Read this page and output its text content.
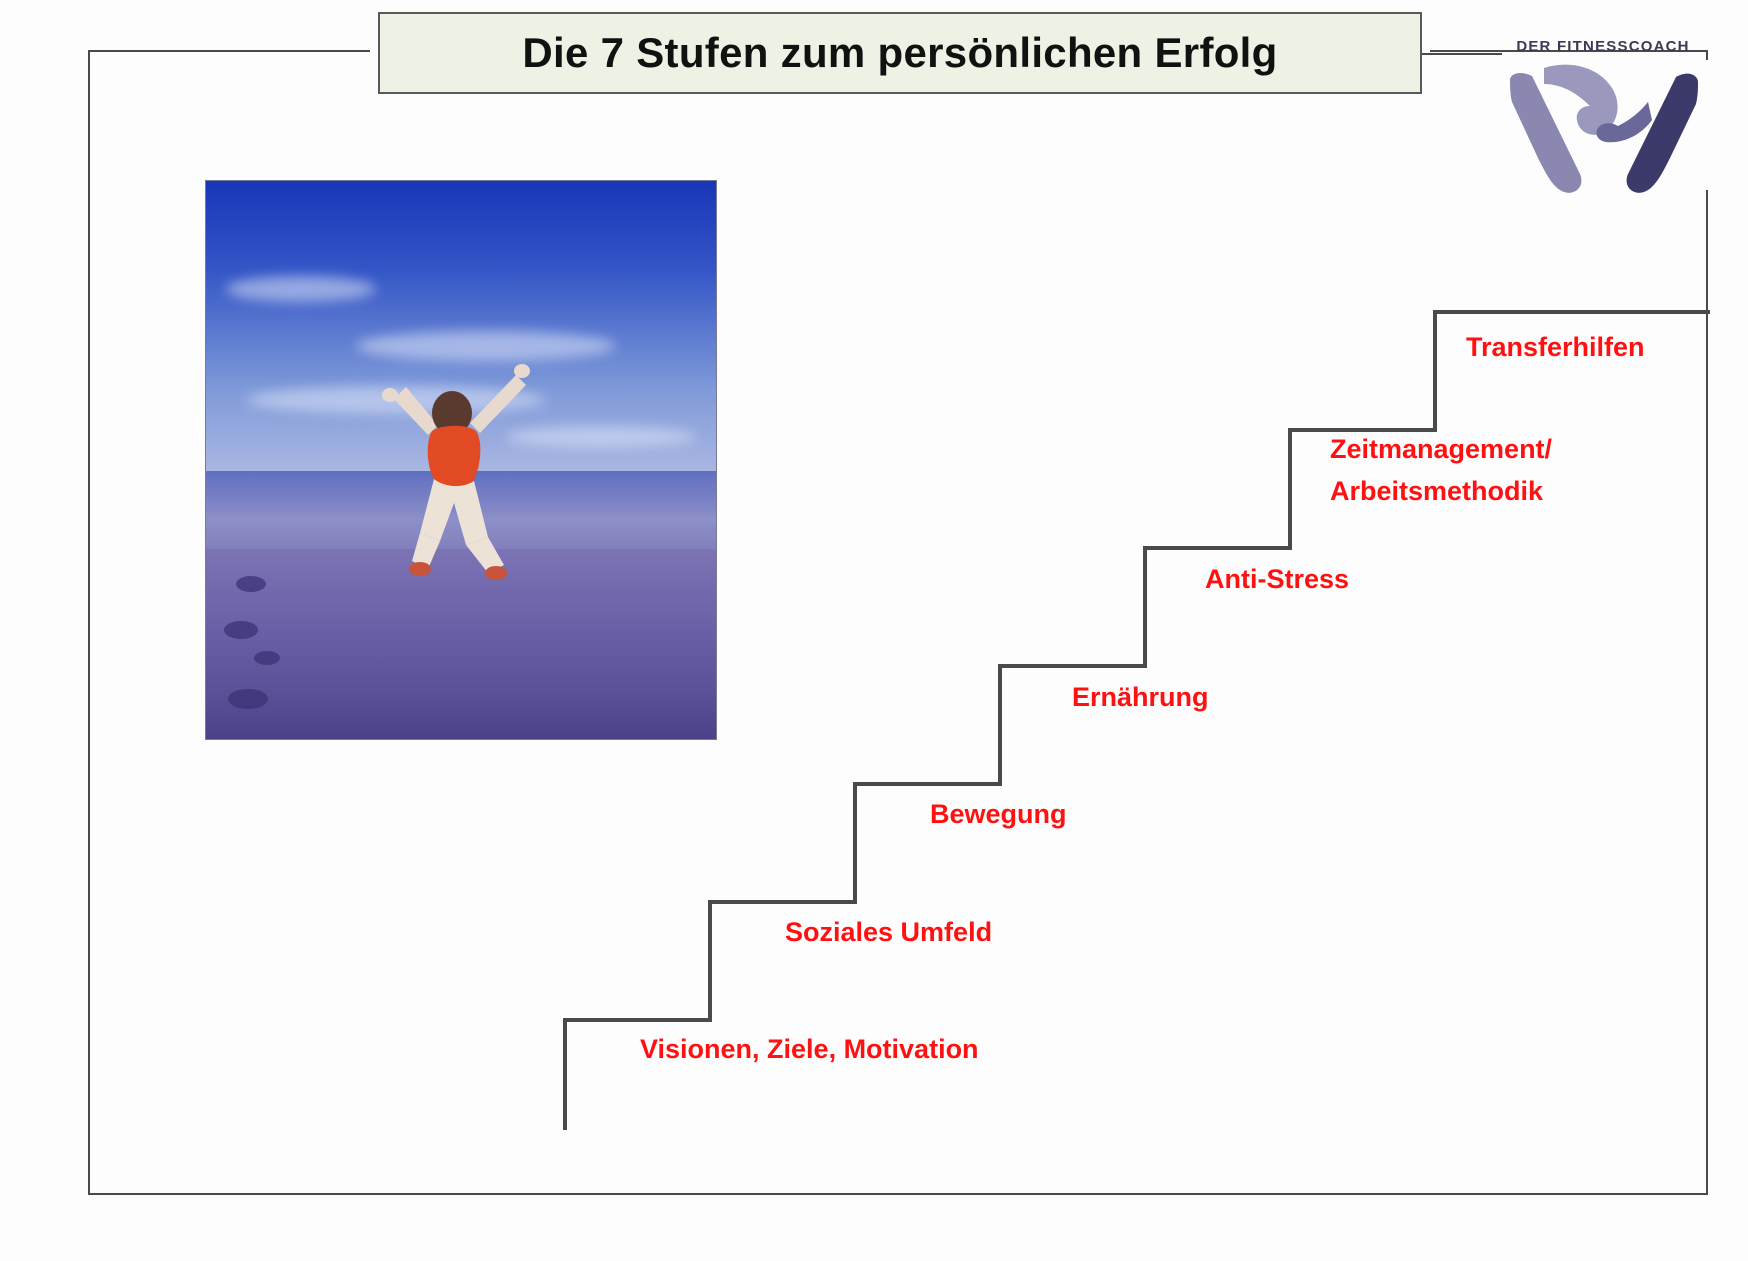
Die 7 Stufen zum persönlichen Erfolg	DER FITNESSCOACH
Visionen, Ziele, Motivation
Soziales Umfeld
Bewegung
Ernährung
Anti-Stress
Zeitmanagement/
Arbeitsmethodik
Transferhilfen
